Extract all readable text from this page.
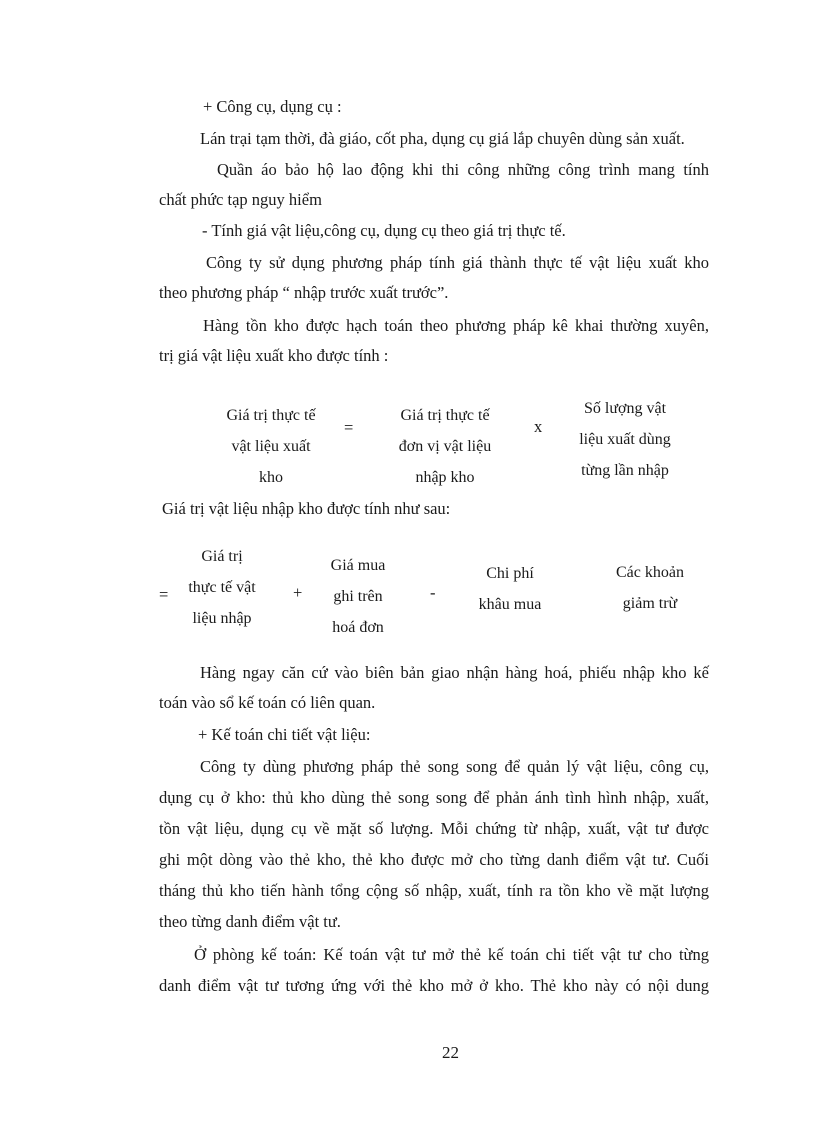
+ Công cụ, dụng cụ :
Lán trại tạm thời, đà giáo, cốt pha, dụng cụ giá lắp chuyên dùng sản xuất.
Quần áo bảo hộ lao động khi thi công những công trình mang tính
chất phức tạp nguy hiểm
- Tính giá vật liệu,công cụ, dụng cụ theo giá trị thực tế.
Công ty sử dụng phương pháp tính giá thành thực tế vật liệu xuất kho
theo phương pháp “ nhập trước xuất trước”.
Hàng tồn kho được hạch toán theo phương pháp kê khai thường xuyên,
trị giá vật liệu xuất kho được tính :
Giá trị thực tế
vật liệu xuất
kho
=
Giá trị thực tế
đơn vị vật liệu
nhập kho
x
Số lượng vật
liệu xuất dùng
từng lần nhập
Giá trị vật liệu nhập kho được tính như sau:
=
Giá trị
thực tế vật
liệu nhập
+
Giá mua
ghi trên
hoá đơn
-
Chi phí
khâu mua
Các khoản
giảm trừ
Hàng ngay căn cứ vào biên bản giao nhận hàng hoá, phiếu nhập kho kế
toán vào sổ kế toán có liên quan.
+ Kế toán chi tiết vật liệu:
Công ty dùng phương pháp thẻ song song để quản lý vật liệu, công cụ,
dụng cụ ở kho: thủ kho dùng thẻ song song để phản ánh tình hình nhập, xuất,
tồn vật liệu, dụng cụ về mặt số lượng. Mỗi chứng từ nhập, xuất, vật tư được
ghi một dòng vào thẻ kho, thẻ kho được mở cho từng danh điểm vật tư. Cuối
tháng thủ kho tiến hành tổng cộng số nhập, xuất, tính ra tồn kho về mặt lượng
theo từng danh điểm vật tư.
Ở phòng kế toán: Kế toán vật tư mở thẻ kế toán chi tiết vật tư cho từng
danh điểm vật tư tương ứng với thẻ kho mở ở kho. Thẻ kho này có nội dung
22
